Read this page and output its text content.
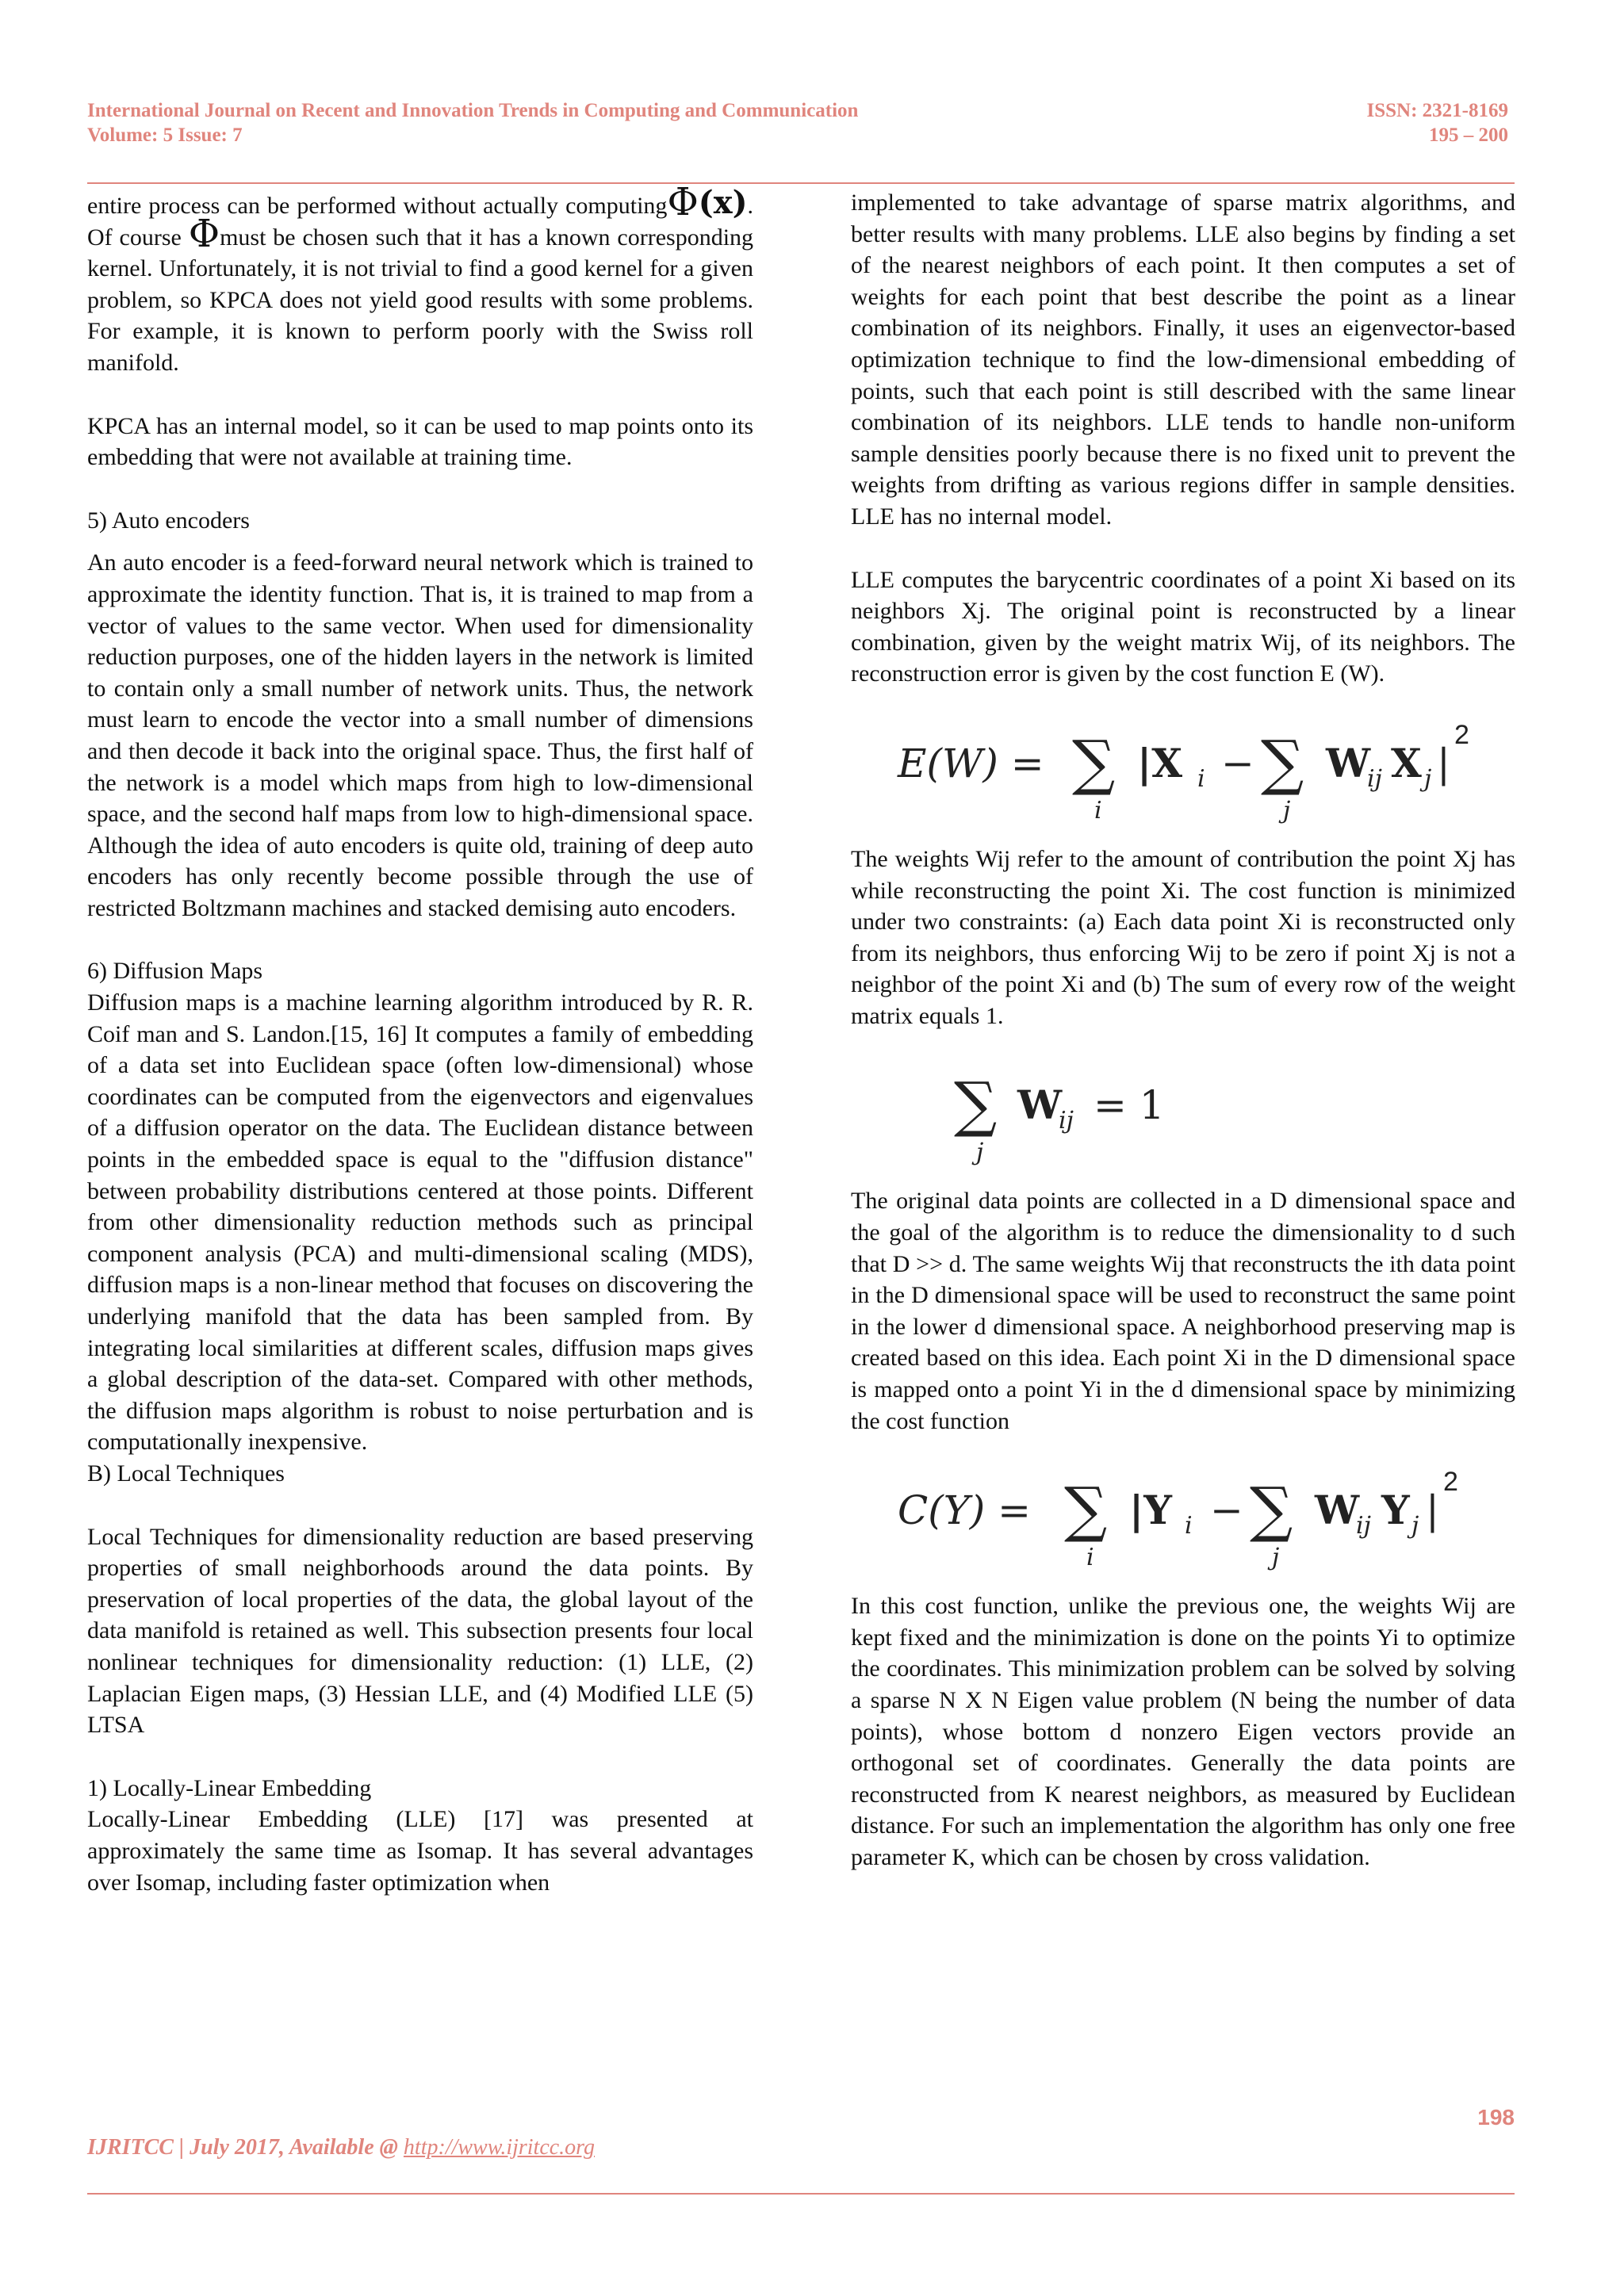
International Journal on Recent and Innovation Trends in Computing and Communication
Volume: 5 Issue: 7
ISSN: 2321-8169
195 – 200

entire process can be performed without actually computingΦ(x). Of course Φmust be chosen such that it has a known corresponding kernel. Unfortunately, it is not trivial to find a good kernel for a given problem, so KPCA does not yield good results with some problems. For example, it is known to perform poorly with the Swiss roll manifold.

KPCA has an internal model, so it can be used to map points onto its embedding that were not available at training time.

5) Auto encoders

An auto encoder is a feed-forward neural network which is trained to approximate the identity function. That is, it is trained to map from a vector of values to the same vector. When used for dimensionality reduction purposes, one of the hidden layers in the network is limited to contain only a small number of network units. Thus, the network must learn to encode the vector into a small number of dimensions and then decode it back into the original space. Thus, the first half of the network is a model which maps from high to low-dimensional space, and the second half maps from low to high-dimensional space. Although the idea of auto encoders is quite old, training of deep auto encoders has only recently become possible through the use of restricted Boltzmann machines and stacked demising auto encoders.

6) Diffusion Maps

Diffusion maps is a machine learning algorithm introduced by R. R. Coif man and S. Landon.[15, 16] It computes a family of embedding of a data set into Euclidean space (often low-dimensional) whose coordinates can be computed from the eigenvectors and eigenvalues of a diffusion operator on the data. The Euclidean distance between points in the embedded space is equal to the "diffusion distance" between probability distributions centered at those points. Different from other dimensionality reduction methods such as principal component analysis (PCA) and multi-dimensional scaling (MDS), diffusion maps is a non-linear method that focuses on discovering the underlying manifold that the data has been sampled from. By integrating local similarities at different scales, diffusion maps gives a global description of the data-set. Compared with other methods, the diffusion maps algorithm is robust to noise perturbation and is computationally inexpensive.

B) Local Techniques

Local Techniques for dimensionality reduction are based preserving properties of small neighborhoods around the data points. By preservation of local properties of the data, the global layout of the data manifold is retained as well. This subsection presents four local nonlinear techniques for dimensionality reduction: (1) LLE, (2) Laplacian Eigen maps, (3) Hessian LLE, and (4) Modified LLE (5) LTSA

1) Locally-Linear Embedding

Locally-Linear Embedding (LLE) [17] was presented at approximately the same time as Isomap. It has several advantages over Isomap, including faster optimization when

implemented to take advantage of sparse matrix algorithms, and better results with many problems. LLE also begins by finding a set of the nearest neighbors of each point. It then computes a set of weights for each point that best describe the point as a linear combination of its neighbors. Finally, it uses an eigenvector-based optimization technique to find the low-dimensional embedding of points, such that each point is still described with the same linear combination of its neighbors. LLE tends to handle non-uniform sample densities poorly because there is no fixed unit to prevent the weights from drifting as various regions differ in sample densities. LLE has no internal model.

LLE computes the barycentric coordinates of a point Xi based on its neighbors Xj. The original point is reconstructed by a linear combination, given by the weight matrix Wij, of its neighbors. The reconstruction error is given by the cost function E (W).

E(W) = ∑
i
|X i − ∑
j
W
ij X j |
2

The weights Wij refer to the amount of contribution the point Xj has while reconstructing the point Xi. The cost function is minimized under two constraints: (a) Each data point Xi is reconstructed only from its neighbors, thus enforcing Wij to be zero if point Xj is not a neighbor of the point Xi and (b) The sum of every row of the weight matrix equals 1.

∑
j
W
ij = 1

The original data points are collected in a D dimensional space and the goal of the algorithm is to reduce the dimensionality to d such that D >> d. The same weights Wij that reconstructs the ith data point in the D dimensional space will be used to reconstruct the same point in the lower d dimensional space. A neighborhood preserving map is created based on this idea. Each point Xi in the D dimensional space is mapped onto a point Yi in the d dimensional space by minimizing the cost function

C(Y) = ∑
i
|Y i − ∑
j
W
ij Y j |
2

In this cost function, unlike the previous one, the weights Wij are kept fixed and the minimization is done on the points Yi to optimize the coordinates. This minimization problem can be solved by solving a sparse N X N Eigen value problem (N being the number of data points), whose bottom d nonzero Eigen vectors provide an orthogonal set of coordinates. Generally the data points are reconstructed from K nearest neighbors, as measured by Euclidean distance. For such an implementation the algorithm has only one free parameter K, which can be chosen by cross validation.

198
IJRITCC | July 2017, Available @ http://www.ijritcc.org
